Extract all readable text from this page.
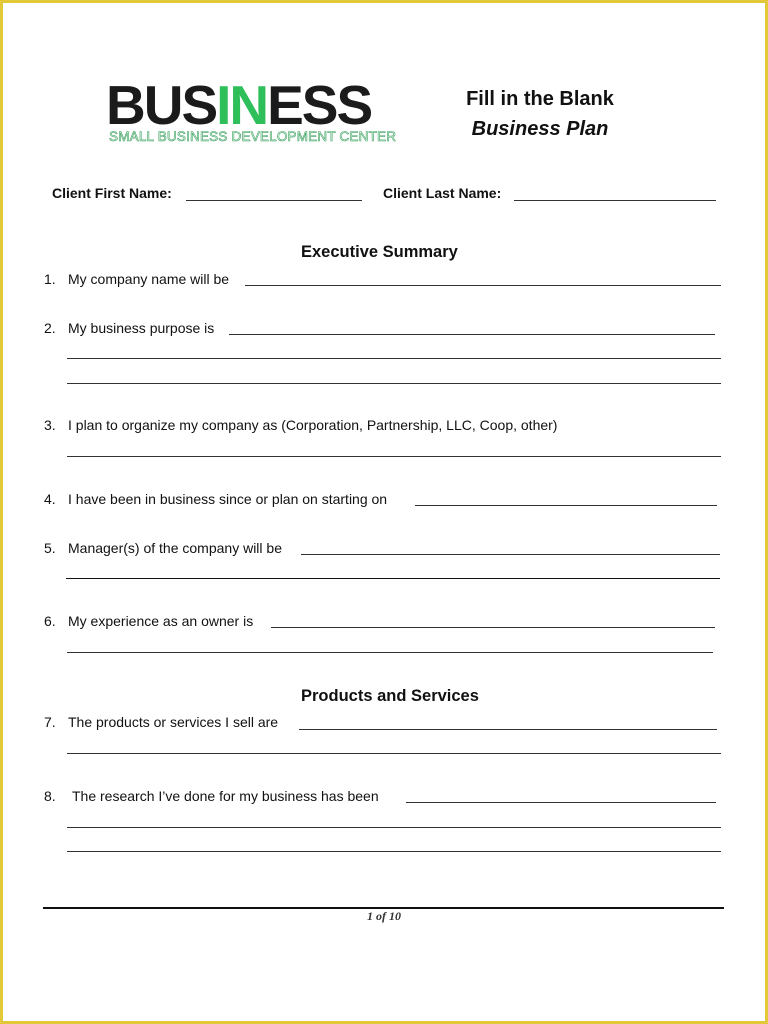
BUSINESS
SMALL BUSINESS DEVELOPMENT CENTER
Fill in the Blank
Business Plan
Client First Name:	Client Last Name:
Executive Summary
1. My company name will be
2. My business purpose is
3. I plan to organize my company as (Corporation, Partnership, LLC, Coop, other)
4. I have been in business since or plan on starting on
5. Manager(s) of the company will be
6. My experience as an owner is
Products and Services
7. The products or services I sell are
8. The research I’ve done for my business has been
1 of 10
